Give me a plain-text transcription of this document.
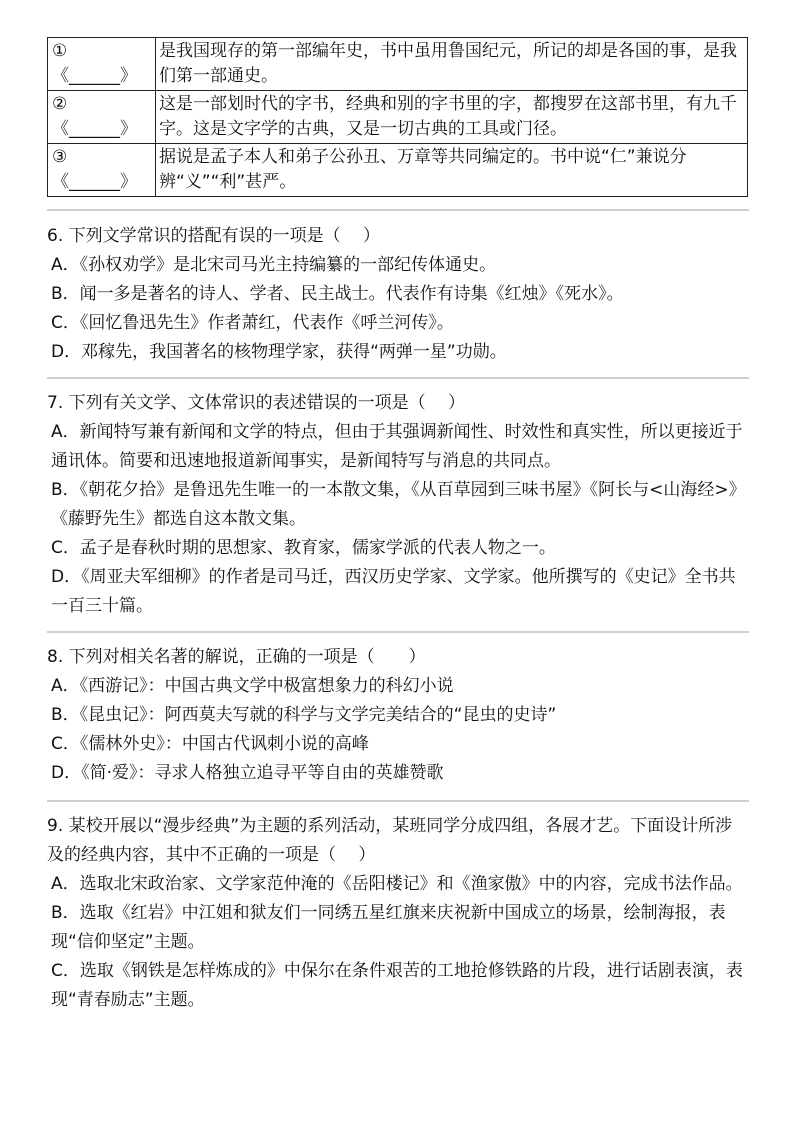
①
《______》	是我国现存的第一部编年史，书中虽用鲁国纪元，所记的却是各国的事，是我们第一部通史。

②
《______》	这是一部划时代的字书，经典和别的字书里的字，都搜罗在这部书里，有九千字。这是文字学的古典，又是一切古典的工具或门径。

③
《______》	据说是孟子本人和弟子公孙丑、万章等共同编定的。书中说“仁”兼说分辨“义”“利”甚严。
6. 下列文学常识的搭配有误的一项是（　 ）
A．《孙权劝学》是北宋司马光主持编纂的一部纪传体通史。
B．闻一多是著名的诗人、学者、民主战士。代表作有诗集《红烛》《死水》。
C．《回忆鲁迅先生》作者萧红，代表作《呼兰河传》。
D．邓稼先，我国著名的核物理学家，获得“两弹一星”功勋。
7. 下列有关文学、文体常识的表述错误的一项是（　 ）
A．新闻特写兼有新闻和文学的特点，但由于其强调新闻性、时效性和真实性，所以更接近于通讯体。简要和迅速地报道新闻事实，是新闻特写与消息的共同点。
B．《朝花夕拾》是鲁迅先生唯一的一本散文集，《从百草园到三味书屋》《阿长与<山海经>》《藤野先生》都选自这本散文集。
C．孟子是春秋时期的思想家、教育家，儒家学派的代表人物之一。
D．《周亚夫军细柳》的作者是司马迁，西汉历史学家、文学家。他所撰写的《史记》全书共一百三十篇。
8. 下列对相关名著的解说，正确的一项是（　　）
A．《西游记》：中国古典文学中极富想象力的科幻小说
B．《昆虫记》：阿西莫夫写就的科学与文学完美结合的“昆虫的史诗”
C．《儒林外史》：中国古代讽刺小说的高峰
D．《简·爱》：寻求人格独立追寻平等自由的英雄赞歌
9. 某校开展以“漫步经典”为主题的系列活动，某班同学分成四组，各展才艺。下面设计所涉及的经典内容，其中不正确的一项是（　 ）
A．选取北宋政治家、文学家范仲淹的《岳阳楼记》和《渔家傲》中的内容，完成书法作品。
B．选取《红岩》中江姐和狱友们一同绣五星红旗来庆祝新中国成立的场景，绘制海报，表现“信仰坚定”主题。
C．选取《钢铁是怎样炼成的》中保尔在条件艰苦的工地抢修铁路的片段，进行话剧表演，表现“青春励志”主题。
